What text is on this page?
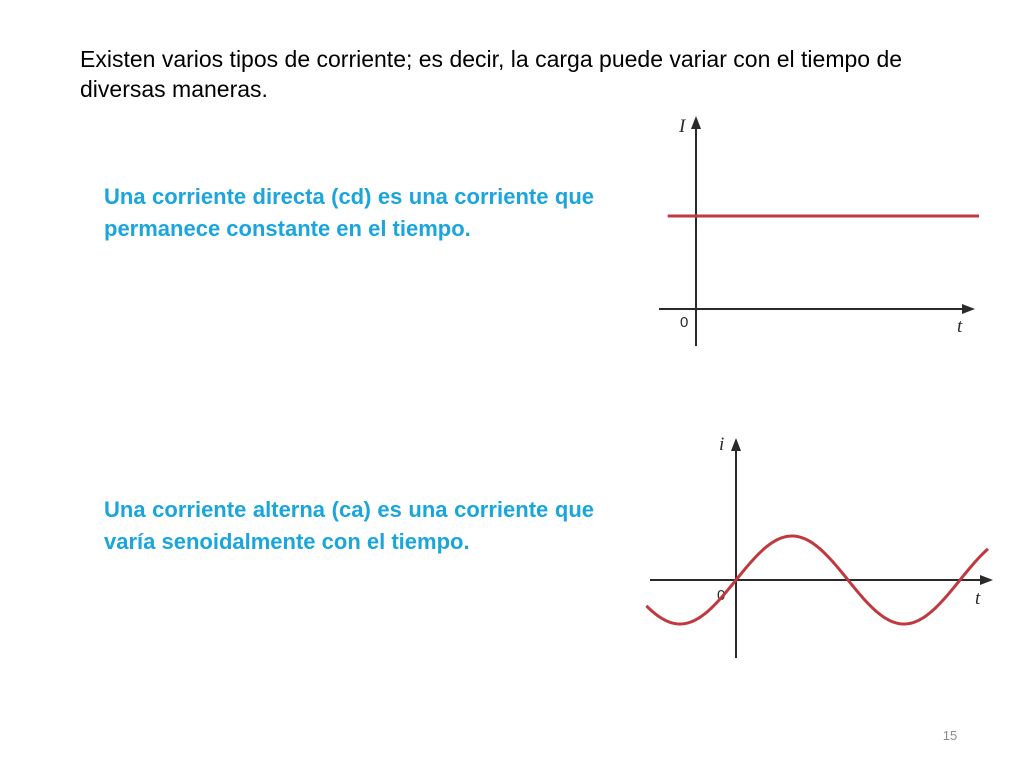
Existen varios tipos de corriente; es decir, la carga puede variar con el tiempo de diversas maneras.

Una corriente directa (cd) es una corriente que permanece constante en el tiempo.

Una corriente alterna (ca) es una corriente que varía senoidalmente con el tiempo.

I
t
0
i
t
0
15
